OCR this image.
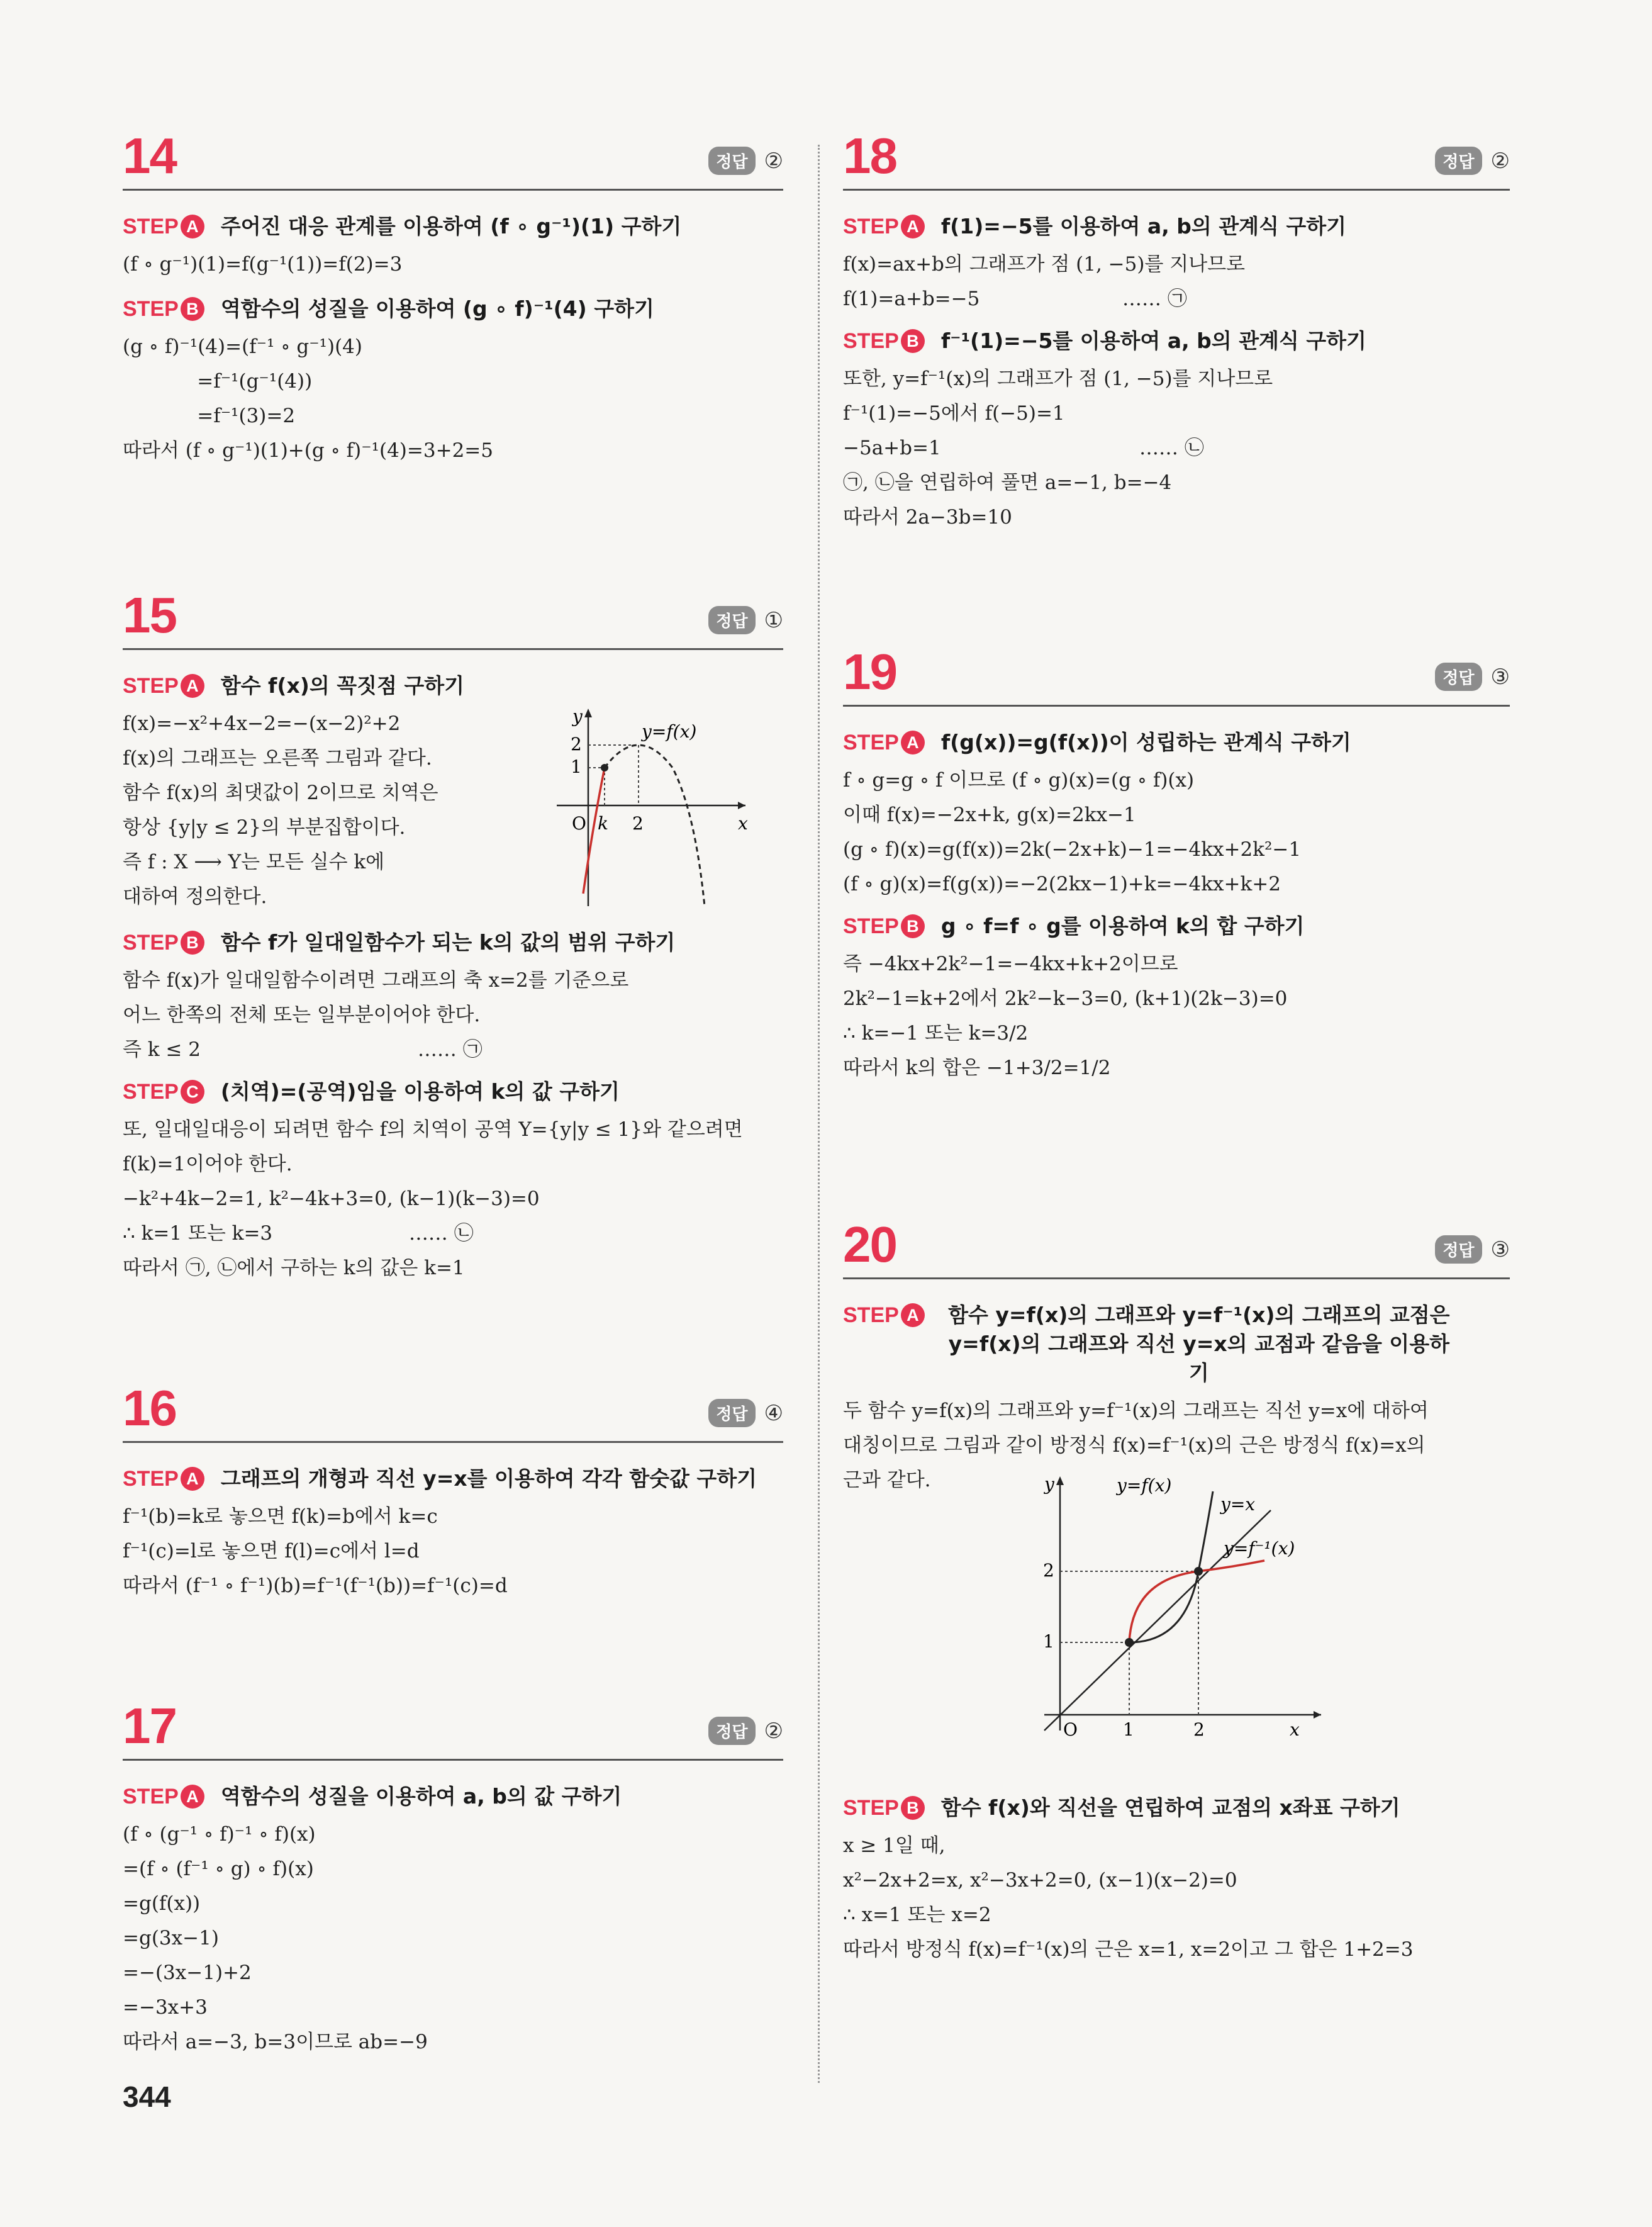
14	정답 ②
STEP A 주어진 대응 관계를 이용하여 (f ∘ g⁻¹)(1) 구하기
(f ∘ g⁻¹)(1)=f(g⁻¹(1))=f(2)=3
STEP B 역함수의 성질을 이용하여 (g ∘ f)⁻¹(4) 구하기
(g ∘ f)⁻¹(4)=(f⁻¹ ∘ g⁻¹)(4)
=f⁻¹(g⁻¹(4))
=f⁻¹(3)=2
따라서 (f ∘ g⁻¹)(1)+(g ∘ f)⁻¹(4)=3+2=5
15	정답 ①
STEP A 함수 f(x)의 꼭짓점 구하기
f(x)=−x²+4x−2=−(x−2)²+2
f(x)의 그래프는 오른쪽 그림과 같다.
함수 f(x)의 최댓값이 2이므로 치역은
항상 {y|y ≤ 2}의 부분집합이다.
즉 f : X ⟶ Y는 모든 실수 k에
대하여 정의한다.
y
x
O
2
1
k 2
y=f(x)
STEP B 함수 f가 일대일함수가 되는 k의 값의 범위 구하기
함수 f(x)가 일대일함수이려면 그래프의 축 x=2를 기준으로
어느 한쪽의 전체 또는 일부분이어야 한다.
즉 k ≤ 2                                   …… ㉠
STEP C (치역)=(공역)임을 이용하여 k의 값 구하기
또, 일대일대응이 되려면 함수 f의 치역이 공역 Y={y|y ≤ 1}와 같으려면
f(k)=1이어야 한다.
−k²+4k−2=1, k²−4k+3=0, (k−1)(k−3)=0
∴ k=1 또는 k=3                      …… ㉡
따라서 ㉠, ㉡에서 구하는 k의 값은 k=1
16	정답 ④
STEP A 그래프의 개형과 직선 y=x를 이용하여 각각 함숫값 구하기
f⁻¹(b)=k로 놓으면 f(k)=b에서 k=c
f⁻¹(c)=l로 놓으면 f(l)=c에서 l=d
따라서 (f⁻¹ ∘ f⁻¹)(b)=f⁻¹(f⁻¹(b))=f⁻¹(c)=d
17	정답 ②
STEP A 역함수의 성질을 이용하여 a, b의 값 구하기
(f ∘ (g⁻¹ ∘ f)⁻¹ ∘ f)(x)
=(f ∘ (f⁻¹ ∘ g) ∘ f)(x)
=g(f(x))
=g(3x−1)
=−(3x−1)+2
=−3x+3
따라서 a=−3, b=3이므로 ab=−9
18	정답 ②
STEP A f(1)=−5를 이용하여 a, b의 관계식 구하기
f(x)=ax+b의 그래프가 점 (1, −5)를 지나므로
f(1)=a+b=−5                       …… ㉠
STEP B f⁻¹(1)=−5를 이용하여 a, b의 관계식 구하기
또한, y=f⁻¹(x)의 그래프가 점 (1, −5)를 지나므로
f⁻¹(1)=−5에서 f(−5)=1
−5a+b=1                                …… ㉡
㉠, ㉡을 연립하여 풀면 a=−1, b=−4
따라서 2a−3b=10
19	정답 ③
STEP A f(g(x))=g(f(x))이 성립하는 관계식 구하기
f ∘ g=g ∘ f 이므로 (f ∘ g)(x)=(g ∘ f)(x)
이때 f(x)=−2x+k, g(x)=2kx−1
(g ∘ f)(x)=g(f(x))=2k(−2x+k)−1=−4kx+2k²−1
(f ∘ g)(x)=f(g(x))=−2(2kx−1)+k=−4kx+k+2
STEP B g ∘ f=f ∘ g를 이용하여 k의 합 구하기
즉 −4kx+2k²−1=−4kx+k+2이므로
2k²−1=k+2에서 2k²−k−3=0, (k+1)(2k−3)=0
∴ k=−1 또는 k=3/2
따라서 k의 합은 −1+3/2=1/2
20	정답 ③
STEP A	함수 y=f(x)의 그래프와 y=f⁻¹(x)의 그래프의 교점은 y=f(x)의 그래프와 직선 y=x의 교점과 같음을 이용하기
두 함수 y=f(x)의 그래프와 y=f⁻¹(x)의 그래프는 직선 y=x에 대하여
대칭이므로 그림과 같이 방정식 f(x)=f⁻¹(x)의 근은 방정식 f(x)=x의
근과 같다.	y
x
O	1	2
1
2
y=f(x)
y=x
y=f⁻¹(x)
STEP B 함수 f(x)와 직선을 연립하여 교점의 x좌표 구하기
x ≥ 1일 때,
x²−2x+2=x, x²−3x+2=0, (x−1)(x−2)=0
∴ x=1 또는 x=2
따라서 방정식 f(x)=f⁻¹(x)의 근은 x=1, x=2이고 그 합은 1+2=3
344
